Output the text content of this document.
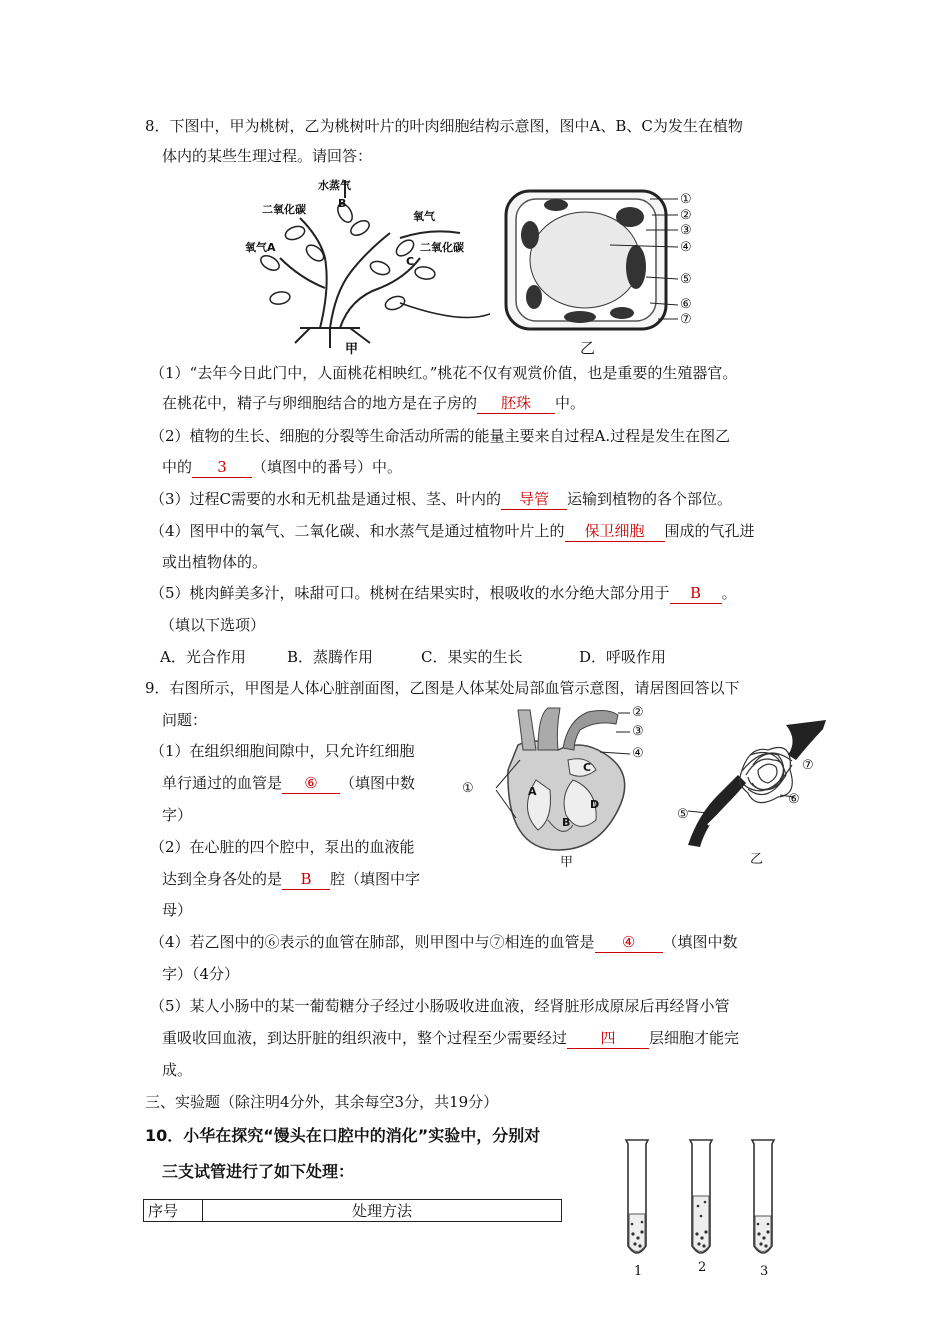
8．下图中，甲为桃树，乙为桃树叶片的叶肉细胞结构示意图，图中A、B、C为发生在植物
体内的某些生理过程。请回答：
水蒸气
B
二氧化碳
氧气
氧气A
C
二氧化碳
甲
①
②
③
④
⑤
⑥
⑦
乙
（1）“去年今日此门中，人面桃花相映红。”桃花不仅有观赏价值，也是重要的生殖器官。
在桃花中，精子与卵细胞结合的地方是在子房的 胚珠 中。
（2）植物的生长、细胞的分裂等生命活动所需的能量主要来自过程A.过程是发生在图乙
中的 3 （填图中的番号）中。
（3）过程C需要的水和无机盐是通过根、茎、叶内的 导管 运输到植物的各个部位。
（4）图甲中的氧气、二氧化碳、和水蒸气是通过植物叶片上的 保卫细胞 围成的气孔进
或出植物体的。
（5）桃肉鲜美多汁，味甜可口。桃树在结果实时，根吸收的水分绝大部分用于 B 。
（填以下选项）
A．光合作用	B．蒸腾作用	C．果实的生长	D．呼吸作用
9．右图所示，甲图是人体心脏剖面图，乙图是人体某处局部血管示意图，请居图回答以下
问题：
（1）在组织细胞间隙中，只允许红细胞
单行通过的血管是 ⑥ （填图中数
字）
（2）在心脏的四个腔中，泵出的血液能
达到全身各处的是 B 腔（填图中字
母）
①
②
③
④
A
B
C
D
甲
⑤
⑥
⑦
乙
（4）若乙图中的⑥表示的血管在肺部，则甲图中与⑦相连的血管是 ④ （填图中数
字）（4分）
（5）某人小肠中的某一葡萄糖分子经过小肠吸收进血液，经肾脏形成原尿后再经肾小管
重吸收回血液，到达肝脏的组织液中，整个过程至少需要经过 四 层细胞才能完
成。
三、实验题（除注明4分外，其余每空3分，共19分）
10．小华在探究“馒头在口腔中的消化”实验中，分别对
三支试管进行了如下处理：
序号	处理方法
1	2	3
